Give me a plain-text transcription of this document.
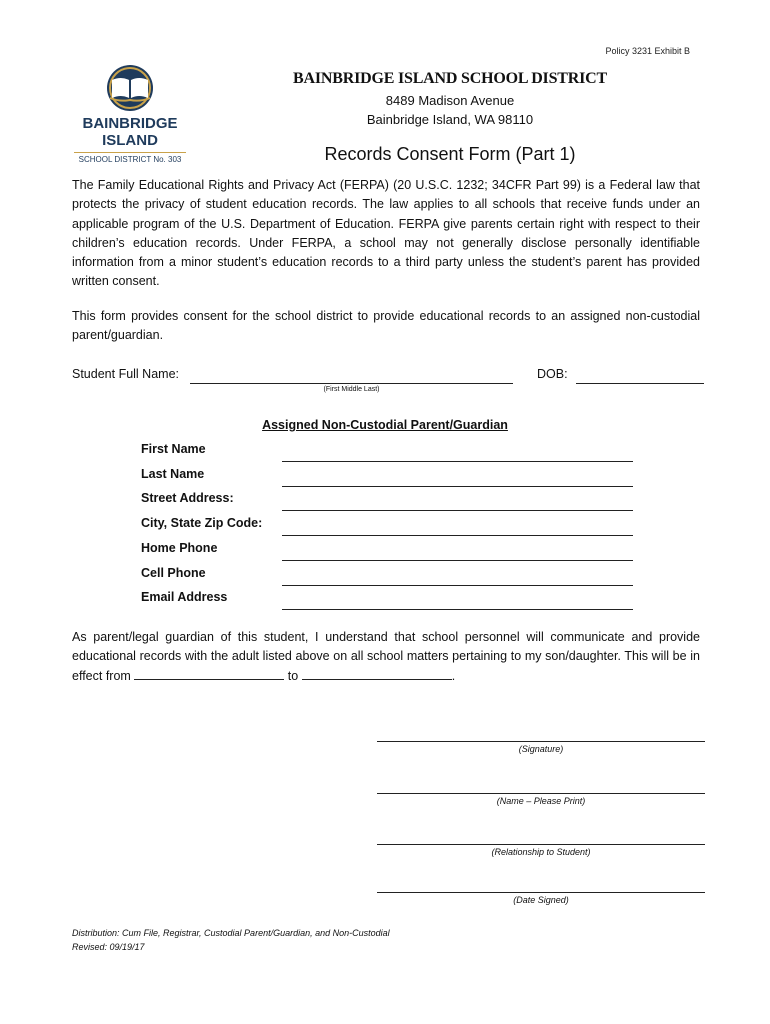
Policy 3231 Exhibit B
BAINBRIDGE
ISLAND
SCHOOL DISTRICT No. 303
BAINBRIDGE ISLAND SCHOOL DISTRICT
8489 Madison Avenue
Bainbridge Island, WA 98110
Records Consent Form (Part 1)
The Family Educational Rights and Privacy Act (FERPA) (20 U.S.C. 1232; 34CFR Part 99) is a Federal law that protects the privacy of student education records. The law applies to all schools that receive funds under an applicable program of the U.S. Department of Education. FERPA give parents certain right with respect to their children’s education records. Under FERPA, a school may not generally disclose personally identifiable information from a minor student’s education records to a third party unless the student’s parent has provided written consent.
This form provides consent for the school district to provide educational records to an assigned non-custodial parent/guardian.
Student Full Name:
(First Middle Last)
DOB:
Assigned Non-Custodial Parent/Guardian
First Name
Last Name
Street Address:
City, State Zip Code:
Home Phone
Cell Phone
Email Address
As parent/legal guardian of this student, I understand that school personnel will communicate and provide educational records with the adult listed above on all school matters pertaining to my son/daughter. This will be in effect from	to	.
(Signature)
(Name – Please Print)
(Relationship to Student)
(Date Signed)
Distribution: Cum File, Registrar, Custodial Parent/Guardian, and Non-Custodial
Revised: 09/19/17
